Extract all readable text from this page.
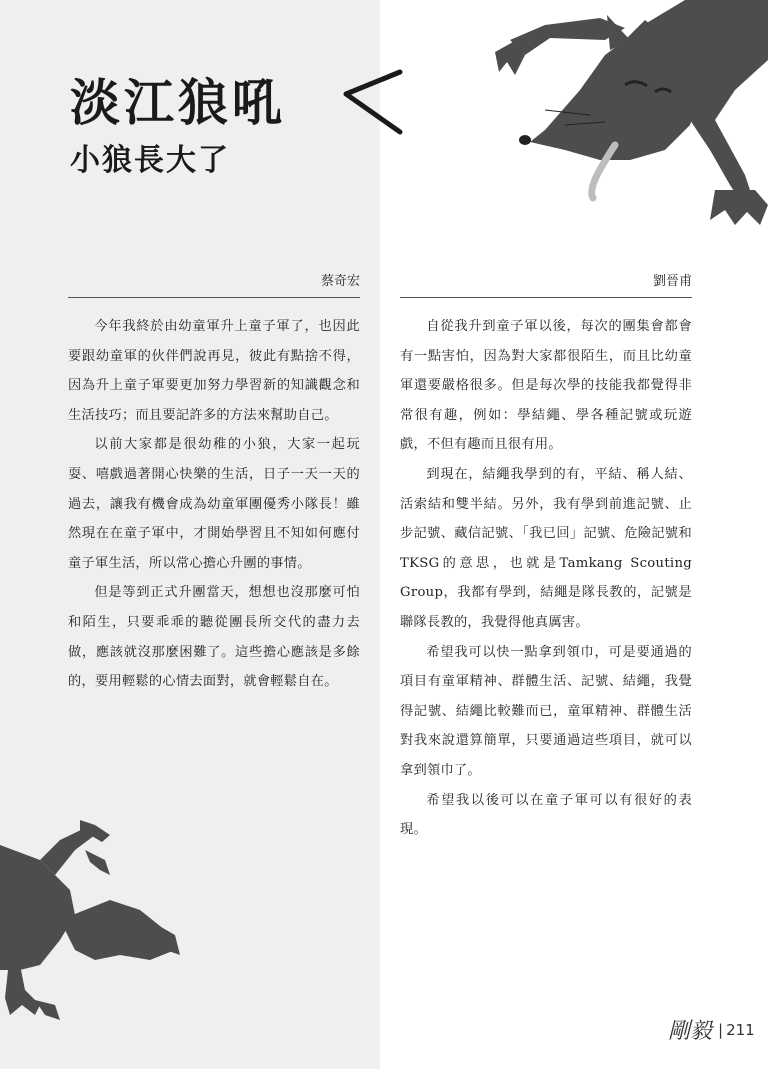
淡江狼吼
小狼長大了
蔡奇宏

今年我終於由幼童軍升上童子軍了，也因此要跟幼童軍的伙伴們說再見，彼此有點捨不得，因為升上童子軍要更加努力學習新的知識觀念和生活技巧；而且要記許多的方法來幫助自己。

以前大家都是很幼稚的小狼，大家一起玩耍、嘻戲過著開心快樂的生活，日子一天一天的過去，讓我有機會成為幼童軍團優秀小隊長！雖然現在在童子軍中，才開始學習且不知如何應付童子軍生活，所以常心擔心升團的事情。

但是等到正式升團當天，想想也沒那麼可怕和陌生，只要乖乖的聽從團長所交代的盡力去做，應該就沒那麼困難了。這些擔心應該是多餘的，要用輕鬆的心情去面對，就會輕鬆自在。

劉晉甫

自從我升到童子軍以後，每次的團集會都會有一點害怕，因為對大家都很陌生，而且比幼童軍還要嚴格很多。但是每次學的技能我都覺得非常很有趣，例如：學結繩、學各種記號或玩遊戲，不但有趣而且很有用。

到現在，結繩我學到的有，平結、稱人結、活索結和雙半結。另外，我有學到前進記號、止步記號、藏信記號、「我已回」記號、危險記號和TKSG的意思，也就是Tamkang Scouting Group，我都有學到，結繩是隊長教的，記號是聯隊長教的，我覺得他真厲害。

希望我可以快一點拿到領巾，可是要通過的項目有童軍精神、群體生活、記號、結繩，我覺得記號、結繩比較難而已，童軍精神、群體生活對我來說還算簡單，只要通過這些項目，就可以拿到領巾了。

希望我以後可以在童子軍可以有很好的表現。

剛毅 | 211
